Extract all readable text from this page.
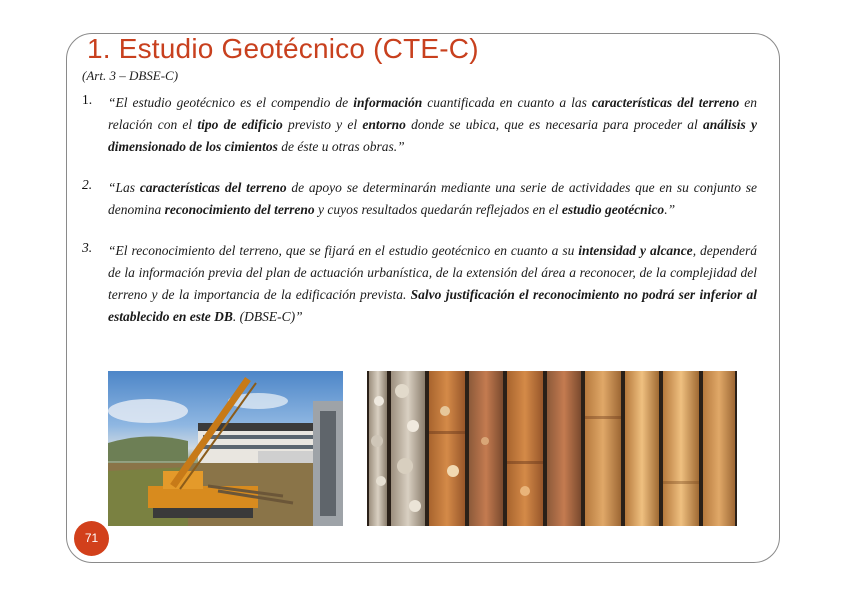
1. Estudio Geotécnico (CTE-C)
(Art. 3 – DBSE-C)
1. “El estudio geotécnico es el compendio de información cuantificada en cuanto a las características del terreno en relación con el tipo de edificio previsto y el entorno donde se ubica, que es necesaria para proceder al análisis y dimensionado de los cimientos de éste u otras obras.”
2. “Las características del terreno de apoyo se determinarán mediante una serie de actividades que en su conjunto se denomina reconocimiento del terreno y cuyos resultados quedarán reflejados en el estudio geotécnico.”
3. “El reconocimiento del terreno, que se fijará en el estudio geotécnico en cuanto a su intensidad y alcance, dependerá de la información previa del plan de actuación urbanística, de la extensión del área a reconocer, de la complejidad del terreno y de la importancia de la edificación prevista. Salvo justificación el reconocimiento no podrá ser inferior al establecido en este DB. (DBSE-C)”
71
